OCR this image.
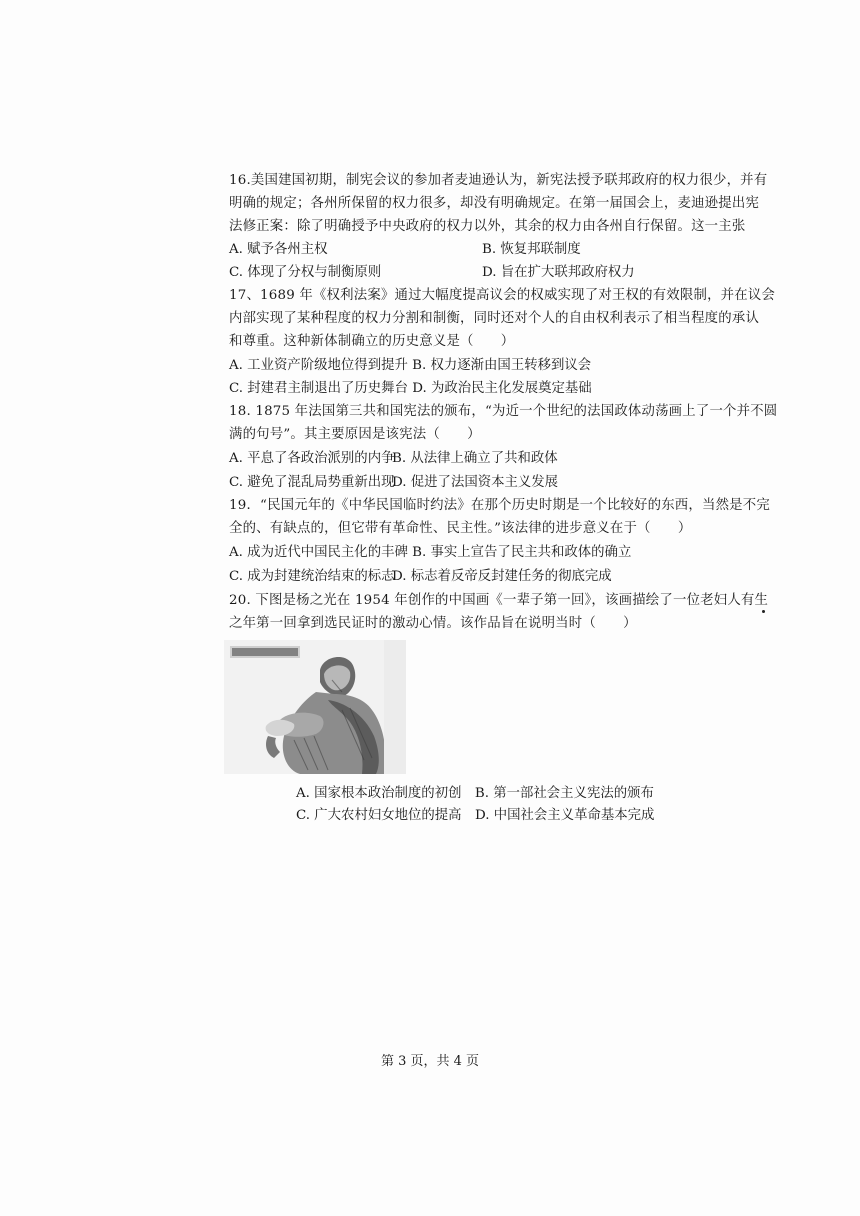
16.美国建国初期，制宪会议的参加者麦迪逊认为，新宪法授予联邦政府的权力很少，并有
明确的规定；各州所保留的权力很多，却没有明确规定。在第一届国会上，麦迪逊提出宪
法修正案：除了明确授予中央政府的权力以外，其余的权力由各州自行保留。这一主张
A. 赋予各州主权	B. 恢复邦联制度
C. 体现了分权与制衡原则	D. 旨在扩大联邦政府权力
17、1689 年《权利法案》通过大幅度提高议会的权威实现了对王权的有效限制，并在议会
内部实现了某种程度的权力分割和制衡，同时还对个人的自由权利表示了相当程度的承认
和尊重。这种新体制确立的历史意义是（　　）
A. 工业资产阶级地位得到提升 B. 权力逐渐由国王转移到议会
C. 封建君主制退出了历史舞台 D. 为政治民主化发展奠定基础
18. 1875 年法国第三共和国宪法的颁布，“为近一个世纪的法国政体动荡画上了一个并不圆
满的句号”。其主要原因是该宪法（　　）
A. 平息了各政治派别的内争
B. 从法律上确立了共和政体
C. 避免了混乱局势重新出现
D. 促进了法国资本主义发展
19．“民国元年的《中华民国临时约法》在那个历史时期是一个比较好的东西，当然是不完
全的、有缺点的，但它带有革命性、民主性。”该法律的进步意义在于（　　）
A. 成为近代中国民主化的丰碑 B. 事实上宣告了民主共和政体的确立
C. 成为封建统治结束的标志
D. 标志着反帝反封建任务的彻底完成
20. 下图是杨之光在 1954 年创作的中国画《一辈子第一回》，该画描绘了一位老妇人有生
之年第一回拿到选民证时的激动心情。该作品旨在说明当时（　　）
A. 国家根本政治制度的初创　B. 第一部社会主义宪法的颁布
C. 广大农村妇女地位的提高　D. 中国社会主义革命基本完成
第 3 页，共 4 页
